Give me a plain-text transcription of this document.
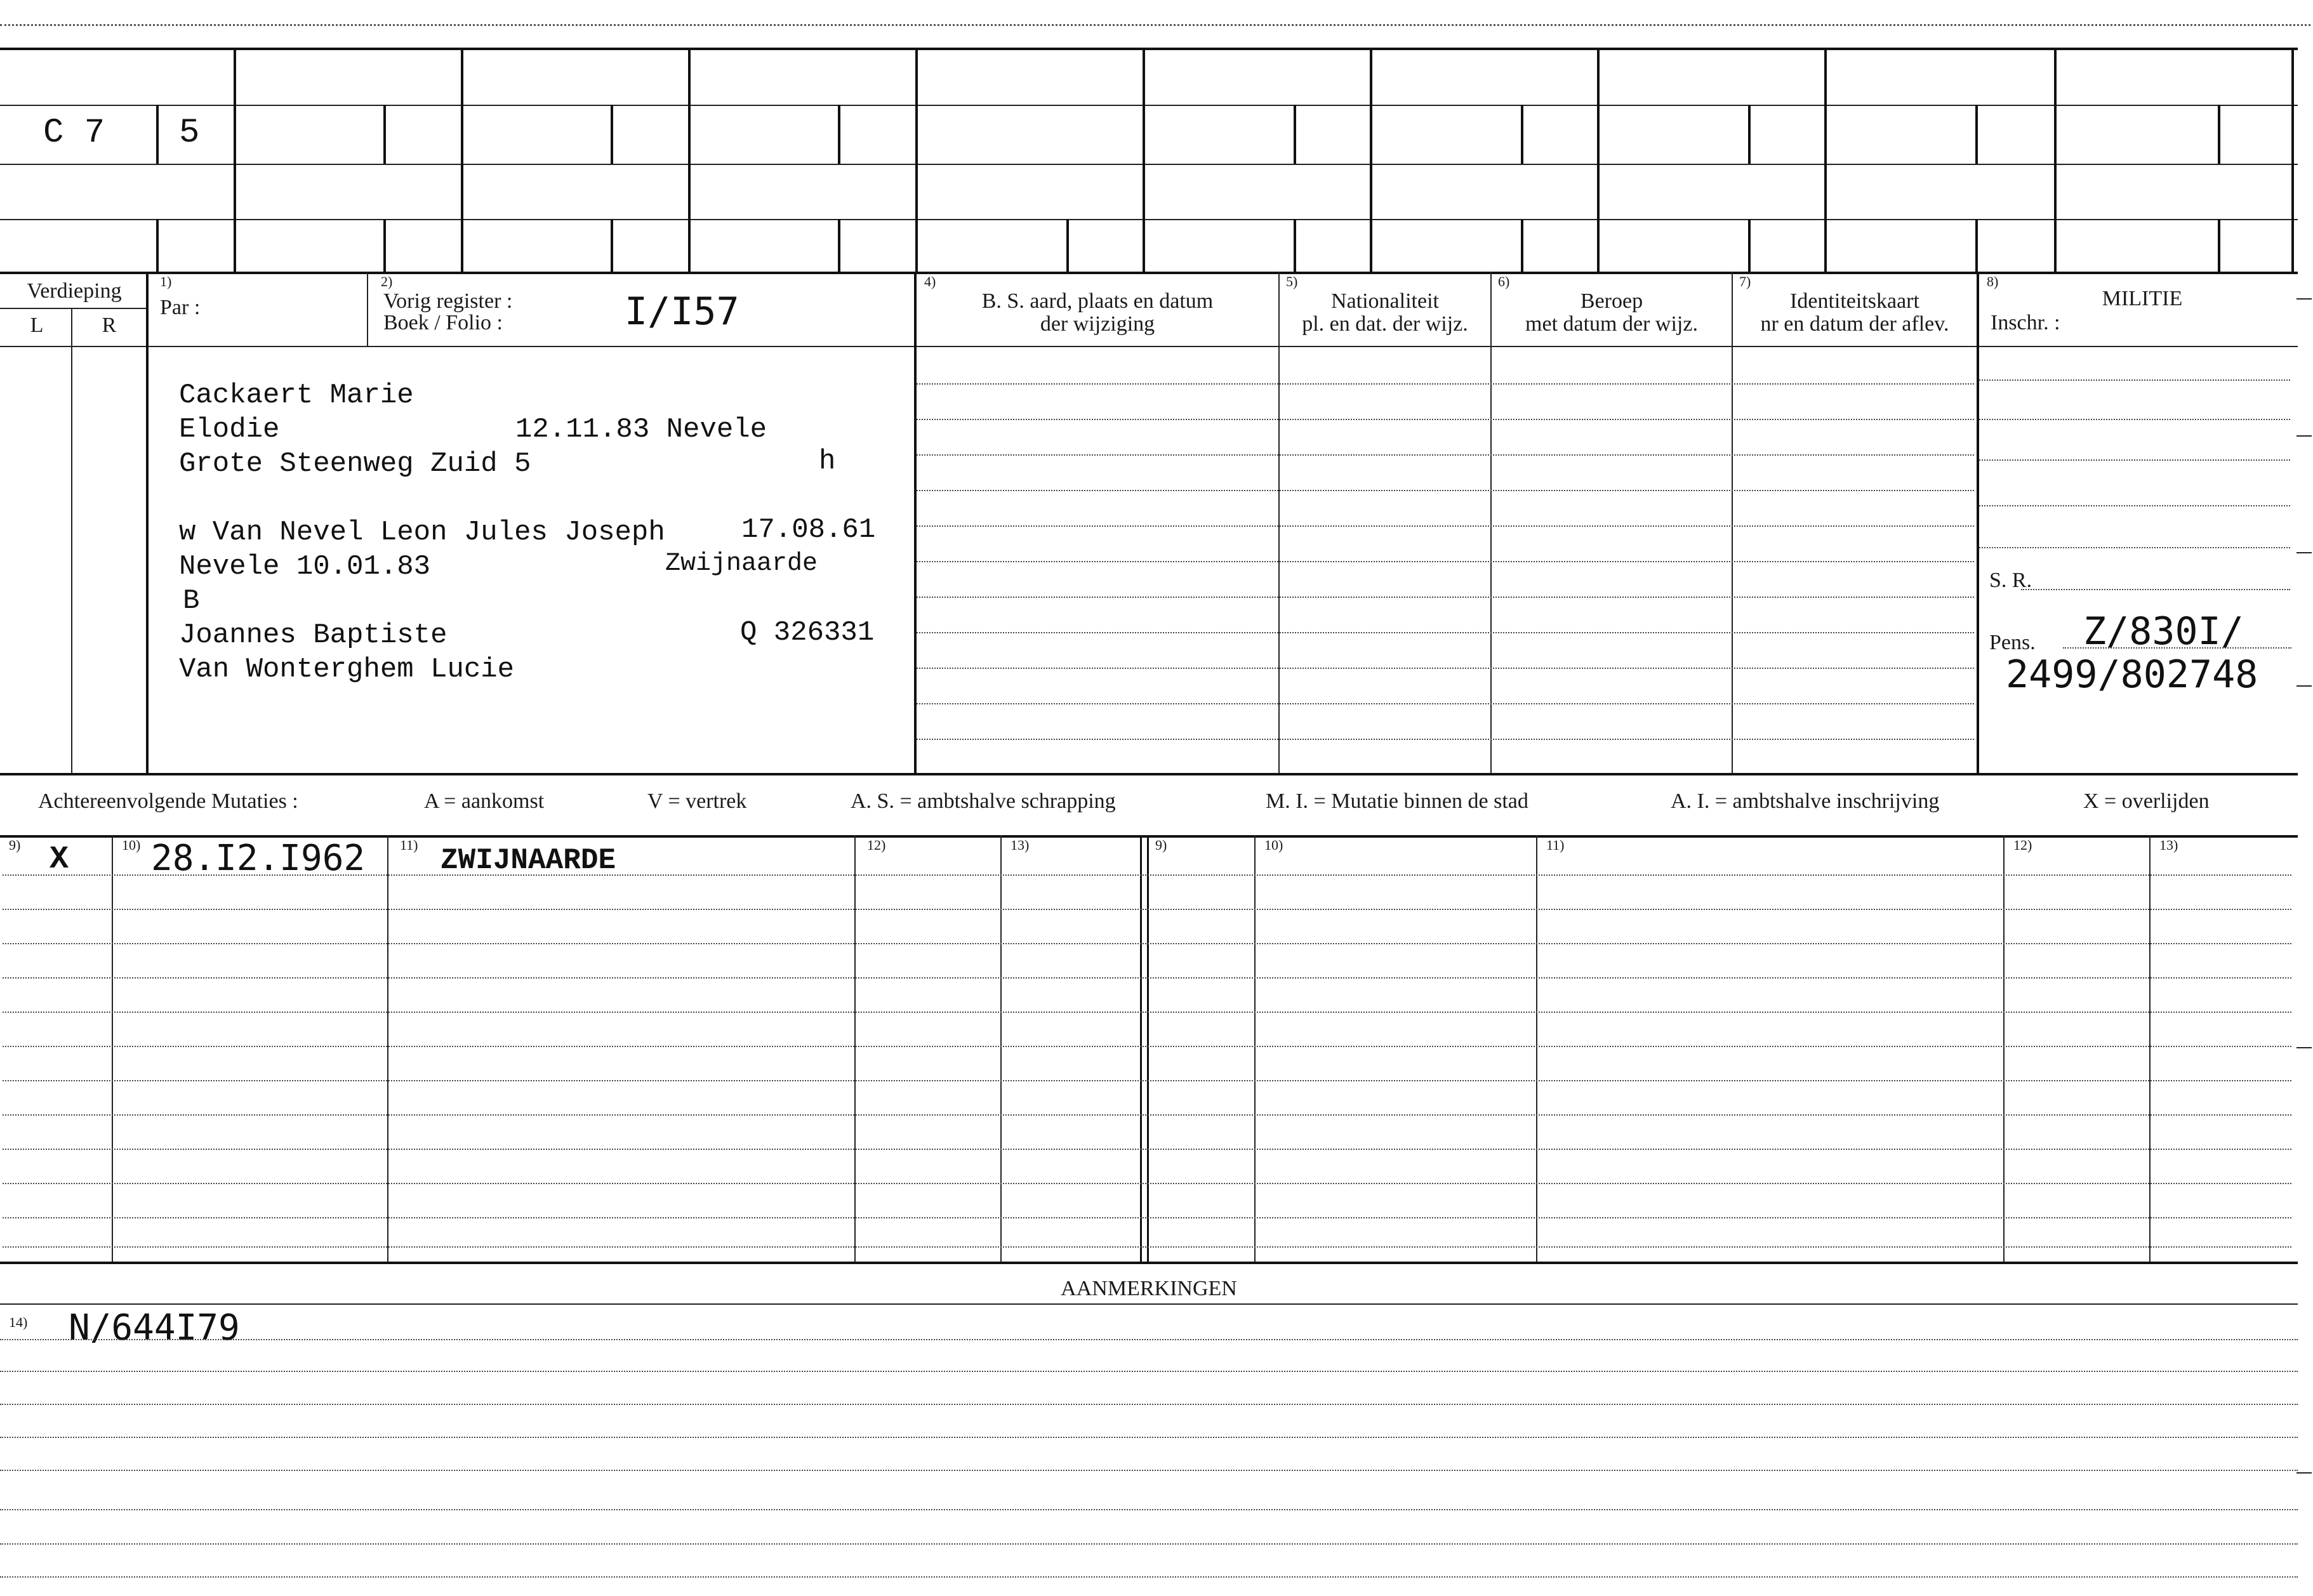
C 7 5
Verdieping
L	R
1)
Par :
2)
Vorig register :
Boek / Folio :	I/I57
4)
B. S. aard, plaats en datum
der wijziging
5)
Nationaliteit
pl. en dat. der wijz.
6)
Beroep
met datum der wijz.
7)
Identiteitskaart
nr en datum der aflev.
8)
MILITIE
Inschr. :
Cackaert Marie
Elodie	12.11.83 Nevele
Grote Steenweg Zuid 5	h
w Van Nevel Leon Jules Joseph	17.08.61
Nevele 10.01.83	Zwijnaarde
B
Joannes Baptiste	Q 326331
Van Wonterghem Lucie
S. R.
Pens. Z/830I/
2499/802748
Achtereenvolgende Mutaties :	A = aankomst	V = vertrek	A. S. = ambtshalve schrapping	M. I. = Mutatie binnen de stad	A. I. = ambtshalve inschrijving	X = overlijden
9)	10)	11)	12)	13)	9)	10)	11)	12)	13)
X 28.I2.I962	ZWIJNAARDE
AANMERKINGEN
14) N/644I79
